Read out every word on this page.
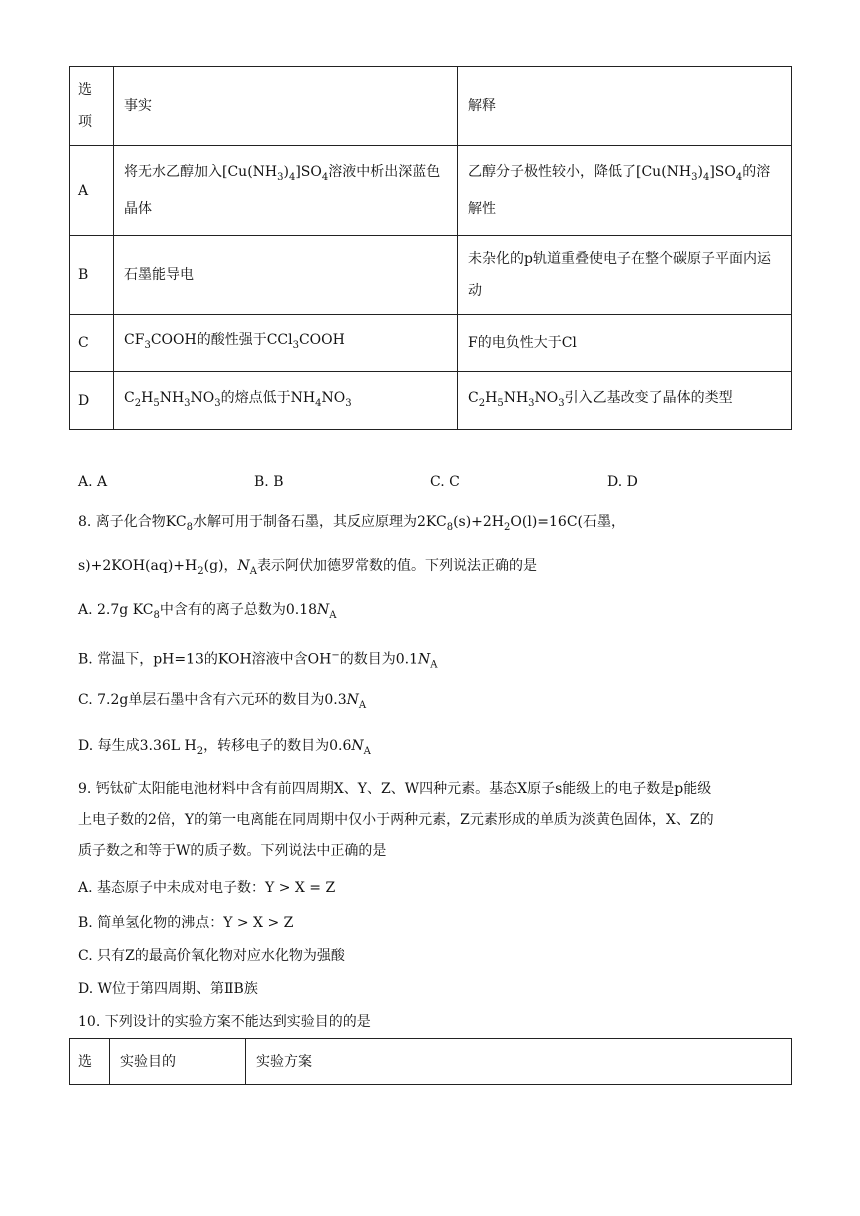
选
项	事实	解释
A	将无水乙醇加入$[Cu(NH_3)_4]SO_4$溶液中析出深蓝色晶体	乙醇分子极性较小，降低了$[Cu(NH_3)_4]SO_4$的溶解性
B	石墨能导电	未杂化的p轨道重叠使电子在整个碳原子平面内运动
C	$CF_3COOH$的酸性强于CCl$_3$COOH	F的电负性大于Cl
D	$C_2H_5NH_3NO_3$的熔点低于$NH_4NO_3$	$C_2H_5NH_3NO_3$引入乙基改变了晶体的类型
A. A	B. B	C. C	D. D
8. 离子化合物$KC_8$水解可用于制备石墨，其反应原理为$2KC_8(s)+2H_2O(l)=16C$(石墨，
$s)+2KOH(aq)+H_2(g)$，$N_A$表示阿伏加德罗常数的值。下列说法正确的是
A. 2.7g $KC_8$中含有的离子总数为$0.18N_A$
B. 常温下，pH=13的KOH溶液中含OH−的数目为$0.1N_A$
C. 7.2g单层石墨中含有六元环的数目为$0.3N_A$
D. 每生成3.36L $H_2$，转移电子的数目为$0.6N_A$
9. 钙钛矿太阳能电池材料中含有前四周期X、Y、Z、W四种元素。基态X原子s能级上的电子数是p能级
上电子数的2倍，Y的第一电离能在同周期中仅小于两种元素，Z元素形成的单质为淡黄色固体，X、Z的
质子数之和等于W的质子数。下列说法中正确的是
A. 基态原子中未成对电子数：Y > X = Z
B. 简单氢化物的沸点：Y > X > Z
C. 只有Z的最高价氧化物对应水化物为强酸
D. W位于第四周期、第ⅡB族
10. 下列设计的实验方案不能达到实验目的的是
选	实验目的	实验方案
